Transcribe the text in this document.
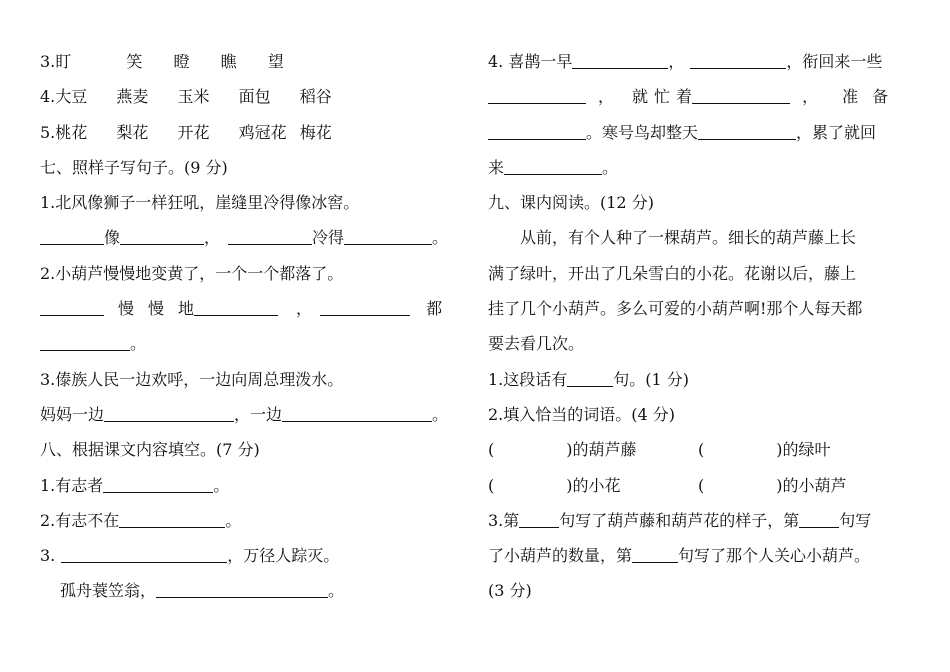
3.盯	笑 瞪 瞧 望
4.大豆 燕麦 玉米 面包 稻谷
5.桃花 梨花 开花 鸡冠花 梅花
七、照样子写句子。(9 分)
1.北风像狮子一样狂吼，崖缝里冷得像冰窖。
像	，	冷得	。
2.小葫芦慢慢地变黄了，一个一个都落了。
慢 慢 地	，	都
。
3.傣族人民一边欢呼，一边向周总理泼水。
妈妈一边	，一边	。
八、根据课文内容填空。(7 分)
1.有志者	。
2.有志不在	。
3.	，万径人踪灭。
孤舟蓑笠翁，	。
4. 喜鹊一早	，	，衔回来一些
， 就 忙 着	， 准 备
。寒号鸟却整天	，累了就回
来	。
九、课内阅读。(12 分)
从前，有个人种了一棵葫芦。细长的葫芦藤上长
满了绿叶，开出了几朵雪白的小花。花谢以后，藤上
挂了几个小葫芦。多么可爱的小葫芦啊!那个人每天都
要去看几次。
1.这段话有	句。(1 分)
2.填入恰当的词语。(4 分)
(	)的葫芦藤	(	)的绿叶
(	)的小花	(	)的小葫芦
3.第	句写了葫芦藤和葫芦花的样子，第	句写
了小葫芦的数量，第	句写了那个人关心小葫芦。
(3 分)
